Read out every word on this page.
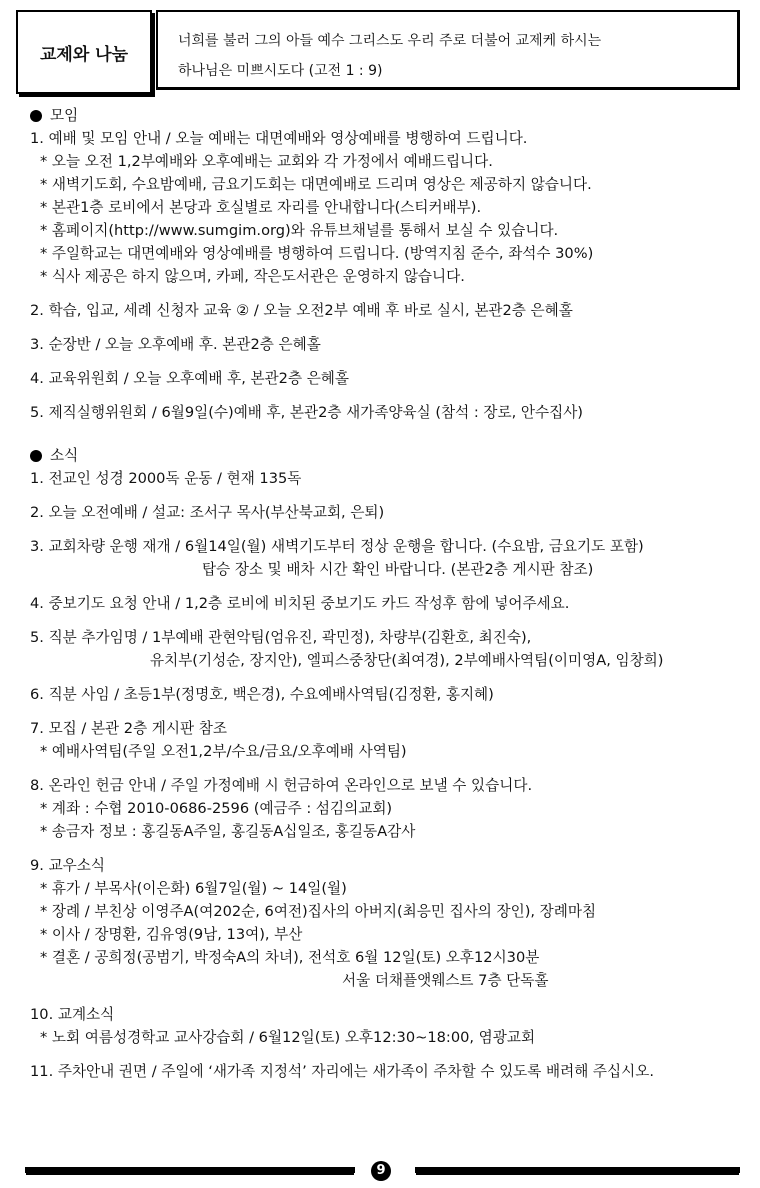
교제와 나눔
너희를 불러 그의 아들 예수 그리스도 우리 주로 더불어 교제케 하시는
하나님은 미쁘시도다 (고전 1 : 9)
모임
1. 예배 및 모임 안내 / 오늘 예배는 대면예배와 영상예배를 병행하여 드립니다.
* 오늘 오전 1,2부예배와 오후예배는 교회와 각 가정에서 예배드립니다.
* 새벽기도회, 수요밤예배, 금요기도회는 대면예배로 드리며 영상은 제공하지 않습니다.
* 본관1층 로비에서 본당과 호실별로 자리를 안내합니다(스티커배부).
* 홈페이지(http://www.sumgim.org)와 유튜브채널를 통해서 보실 수 있습니다.
* 주일학교는 대면예배와 영상예배를 병행하여 드립니다. (방역지침 준수, 좌석수 30%)
* 식사 제공은 하지 않으며, 카페, 작은도서관은 운영하지 않습니다.
2. 학습, 입교, 세례 신청자 교육 ② / 오늘 오전2부 예배 후 바로 실시, 본관2층 은혜홀
3. 순장반 / 오늘 오후예배 후. 본관2층 은혜홀
4. 교육위원회 / 오늘 오후예배 후, 본관2층 은혜홀
5. 제직실행위원회 / 6월9일(수)예배 후, 본관2층 새가족양육실 (참석 : 장로, 안수집사)
소식
1. 전교인 성경 2000독 운동 / 현재 135독
2. 오늘 오전예배 / 설교: 조서구 목사(부산북교회, 은퇴)
3. 교회차량 운행 재개 / 6월14일(월) 새벽기도부터 정상 운행을 합니다. (수요밤, 금요기도 포함)
탑승 장소 및 배차 시간 확인 바랍니다. (본관2층 게시판 참조)
4. 중보기도 요청 안내 / 1,2층 로비에 비치된 중보기도 카드 작성후 함에 넣어주세요.
5. 직분 추가임명 / 1부예배 관현악팀(엄유진, 곽민정), 차량부(김환호, 최진숙),
유치부(기성순, 장지안), 엘피스중창단(최여경), 2부예배사역팀(이미영A, 임창희)
6. 직분 사임 / 초등1부(정명호, 백은경), 수요예배사역팀(김정환, 홍지혜)
7. 모집 / 본관 2층 게시판 참조
* 예배사역팀(주일 오전1,2부/수요/금요/오후예배 사역팀)
8. 온라인 헌금 안내 / 주일 가정예배 시 헌금하여 온라인으로 보낼 수 있습니다.
* 계좌 : 수협 2010-0686-2596 (예금주 : 섬김의교회)
* 송금자 정보 : 홍길동A주일, 홍길동A십일조, 홍길동A감사
9. 교우소식
* 휴가 / 부목사(이은화) 6월7일(월) ~ 14일(월)
* 장례 / 부친상 이영주A(여202순, 6여전)집사의 아버지(최응민 집사의 장인), 장례마침
* 이사 / 장명환, 김유영(9남, 13여), 부산
* 결혼 / 공희정(공범기, 박정숙A의 차녀), 전석호 6월 12일(토) 오후12시30분
서울 더채플앳웨스트 7층 단독홀
10. 교계소식
* 노회 여름성경학교 교사강습회 / 6월12일(토) 오후12:30~18:00, 염광교회
11. 주차안내 권면 / 주일에 ‘새가족 지정석’ 자리에는 새가족이 주차할 수 있도록 배려해 주십시오.
9
